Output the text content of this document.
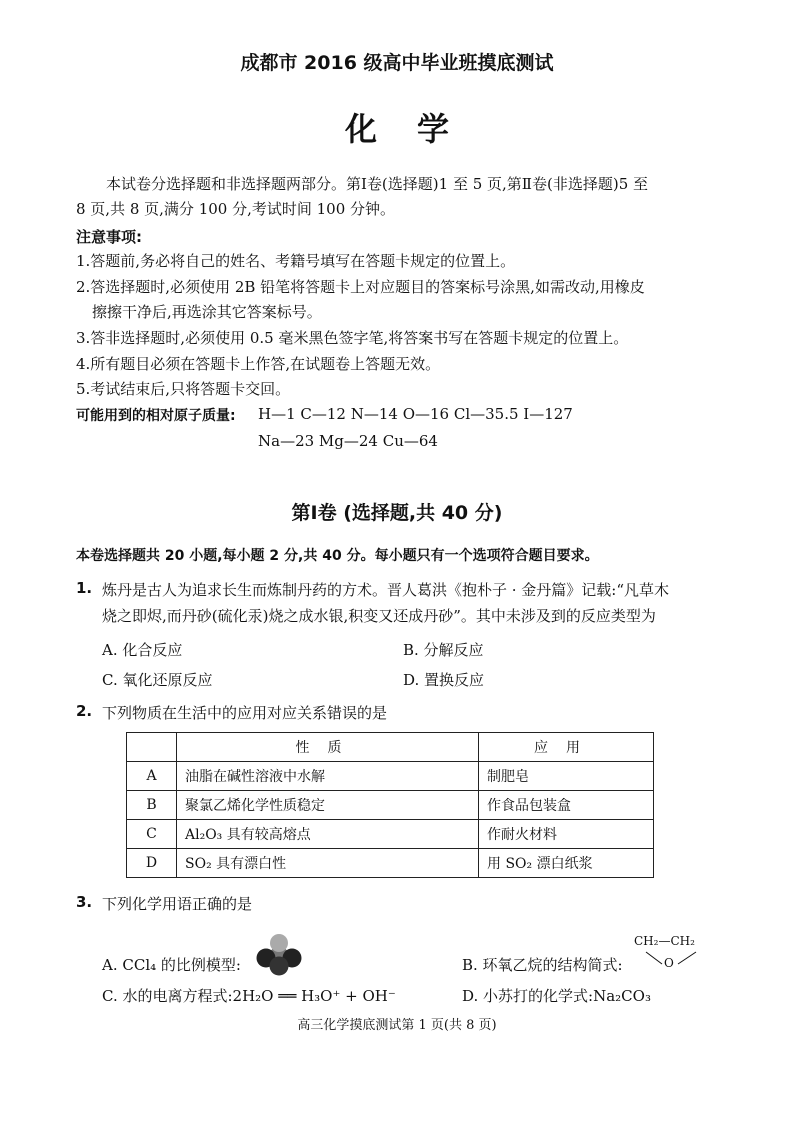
成都市 2016 级高中毕业班摸底测试
化学
本试卷分选择题和非选择题两部分。第Ⅰ卷(选择题)1 至 5 页,第Ⅱ卷(非选择题)5 至
8 页,共 8 页,满分 100 分,考试时间 100 分钟。
注意事项:
1.答题前,务必将自己的姓名、考籍号填写在答题卡规定的位置上。
2.答选择题时,必须使用 2B 铅笔将答题卡上对应题目的答案标号涂黑,如需改动,用橡皮
擦擦干净后,再选涂其它答案标号。
3.答非选择题时,必须使用 0.5 毫米黑色签字笔,将答案书写在答题卡规定的位置上。
4.所有题目必须在答题卡上作答,在试题卷上答题无效。
5.考试结束后,只将答题卡交回。
可能用到的相对原子质量: H—1 C—12 N—14 O—16 Cl—35.5 I—127
Na—23 Mg—24 Cu—64
第Ⅰ卷 (选择题,共 40 分)
本卷选择题共 20 小题,每小题 2 分,共 40 分。每小题只有一个选项符合题目要求。
1. 炼丹是古人为追求长生而炼制丹药的方术。晋人葛洪《抱朴子 · 金丹篇》记载:“凡草木
烧之即烬,而丹砂(硫化汞)烧之成水银,积变又还成丹砂”。其中未涉及到的反应类型为
A. 化合反应	B. 分解反应
C. 氧化还原反应	D. 置换反应
2. 下列物质在生活中的应用对应关系错误的是
	性质	应用
A	油脂在碱性溶液中水解	制肥皂
B	聚氯乙烯化学性质稳定	作食品包装盒
C	Al₂O₃ 具有较高熔点	作耐火材料
D	SO₂ 具有漂白性	用 SO₂ 漂白纸浆
3. 下列化学用语正确的是
A. CCl₄ 的比例模型:	B. 环氧乙烷的结构简式:
CH₂—CH₂
O
C. 水的电离方程式:2H₂O ══ H₃O⁺ + OH⁻	D. 小苏打的化学式:Na₂CO₃
高三化学摸底测试第 1 页(共 8 页)
